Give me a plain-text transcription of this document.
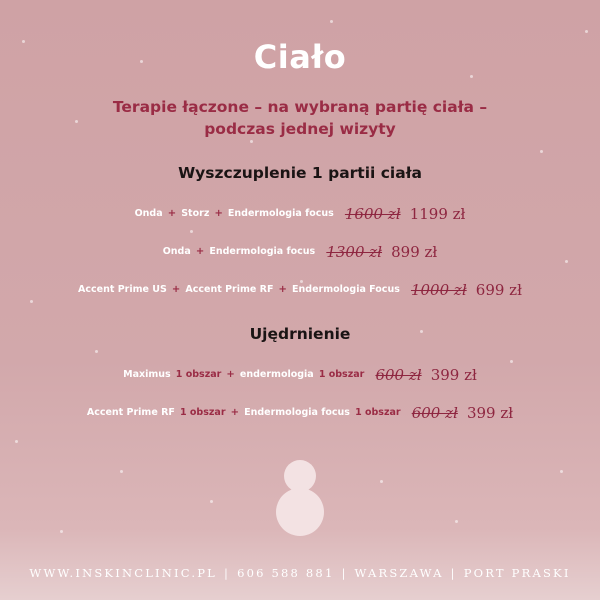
Ciało
Terapie łączone – na wybraną partię ciała –
podczas jednej wizyty
Wyszczuplenie 1 partii ciała
Onda + Storz + Endermologia focus 1600 zł 1199 zł
Onda + Endermologia focus 1300 zł 899 zł
Accent Prime US + Accent Prime RF + Endermologia Focus 1000 zł 699 zł
Ujędrnienie
Maximus 1 obszar + endermologia 1 obszar 600 zł 399 zł
Accent Prime RF 1 obszar + Endermologia focus 1 obszar 600 zł 399 zł
WWW.INSKINCLINIC.PL | 606 588 881 | WARSZAWA | PORT PRASKI
